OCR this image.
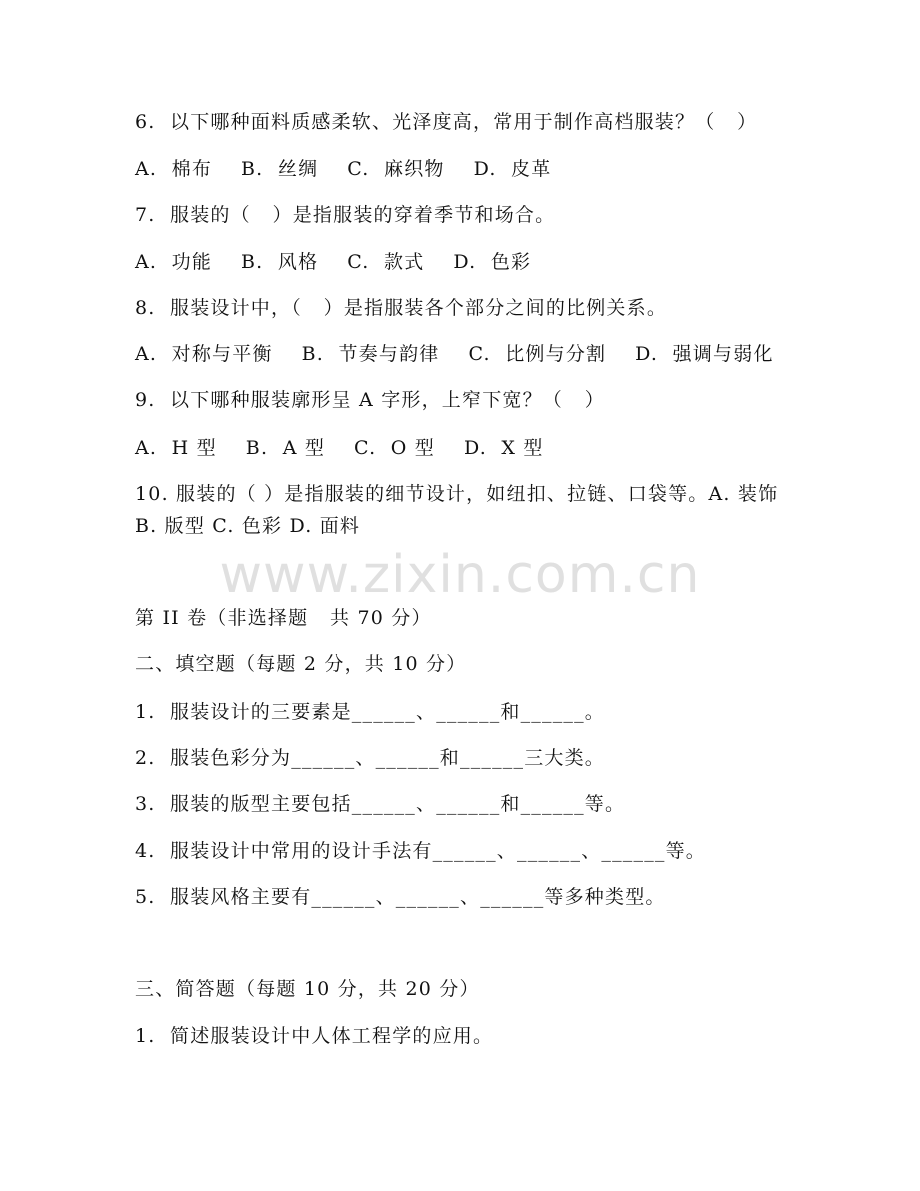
6.  以下哪种面料质感柔软、光泽度高，常用于制作高档服装？（   ）
A.  棉布    B.  丝绸    C.  麻织物    D.  皮革
7.  服装的（   ）是指服装的穿着季节和场合。
A.  功能    B.  风格    C.  款式    D.  色彩
8.  服装设计中，（   ）是指服装各个部分之间的比例关系。
A.  对称与平衡    B.  节奏与韵律    C.  比例与分割    D.  强调与弱化
9.  以下哪种服装廓形呈 A 字形，上窄下宽？（   ）
A.  H 型    B.  A 型    C.  O 型    D.  X 型
10. 服装的（ ）是指服装的细节设计，如纽扣、拉链、口袋等。A. 装饰 B. 版型 C. 色彩 D. 面料
www.zixin.com.cn
第 II 卷（非选择题   共 70 分）
二、填空题（每题 2 分，共 10 分）
1.  服装设计的三要素是______、______和______。
2.  服装色彩分为______、______和______三大类。
3.  服装的版型主要包括______、______和______等。
4.  服装设计中常用的设计手法有______、______、______等。
5.  服装风格主要有______、______、______等多种类型。
三、简答题（每题 10 分，共 20 分）
1.  简述服装设计中人体工程学的应用。
